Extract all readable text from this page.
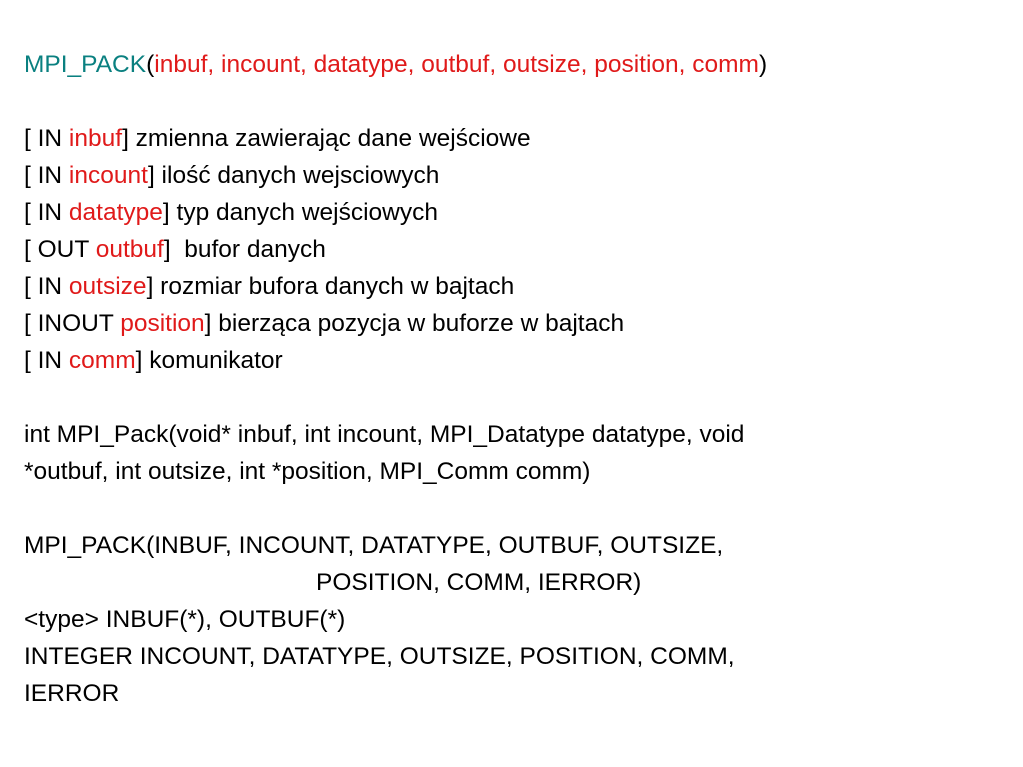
MPI_PACK(inbuf, incount, datatype, outbuf, outsize, position, comm)
[ IN inbuf] zmienna zawierając dane wejściowe
[ IN incount] ilość danych wejsciowych
[ IN datatype] typ danych wejściowych
[ OUT outbuf]  bufor danych
[ IN outsize] rozmiar bufora danych w bajtach
[ INOUT position] bierząca pozycja w buforze w bajtach
[ IN comm] komunikator
int MPI_Pack(void* inbuf, int incount, MPI_Datatype datatype, void
*outbuf, int outsize, int *position, MPI_Comm comm)
MPI_PACK(INBUF, INCOUNT, DATATYPE, OUTBUF, OUTSIZE,
POSITION, COMM, IERROR)
<type> INBUF(*), OUTBUF(*)
INTEGER INCOUNT, DATATYPE, OUTSIZE, POSITION, COMM,
IERROR
